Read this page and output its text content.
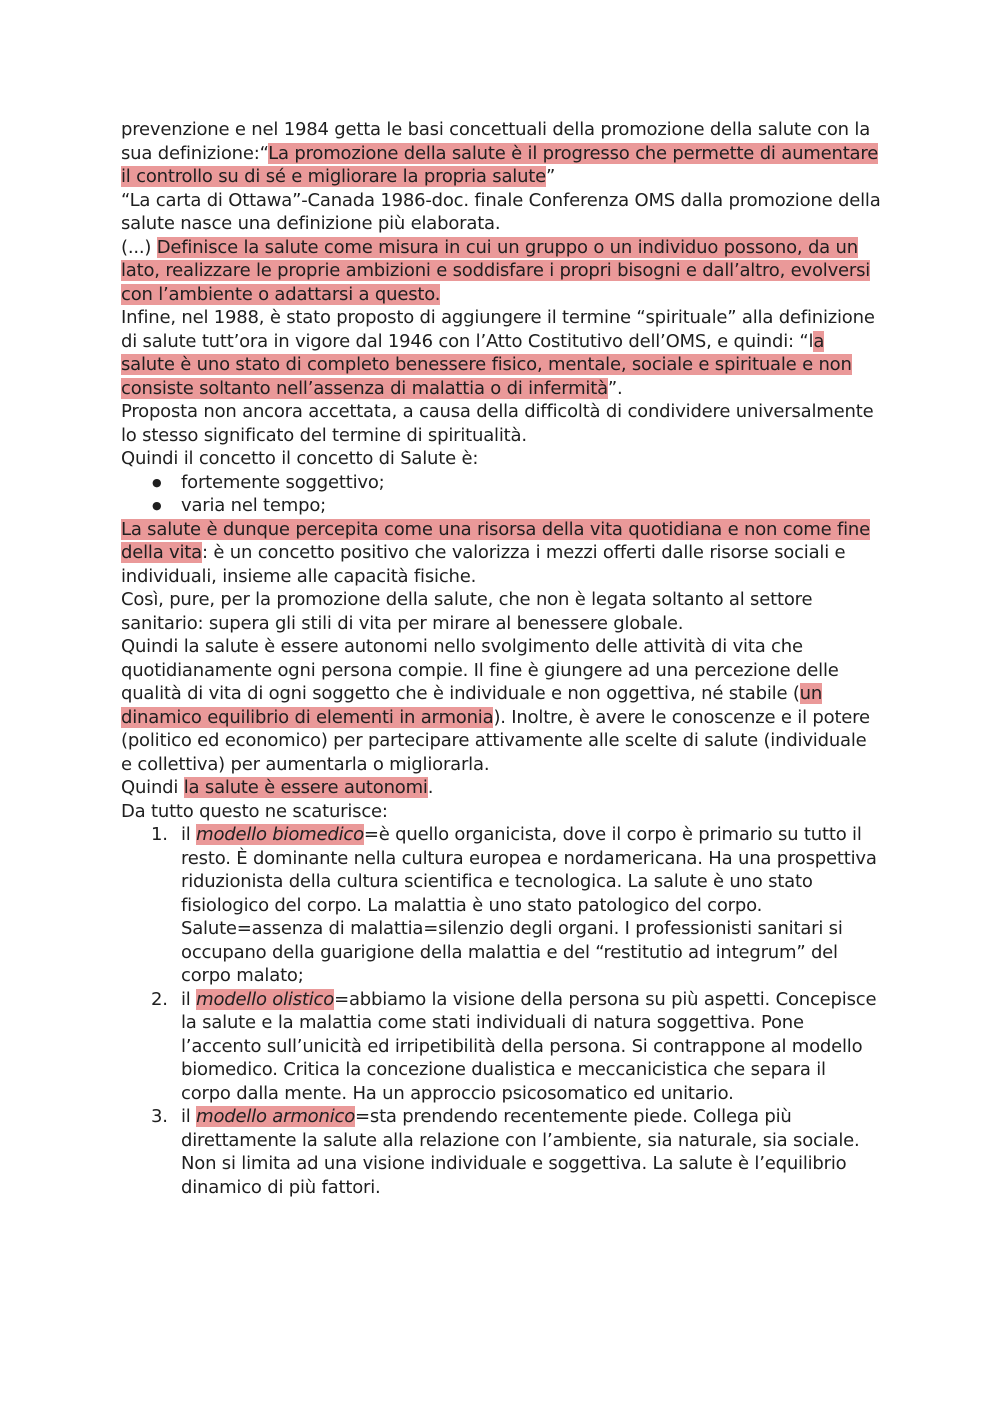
prevenzione e nel 1984 getta le basi concettuali della promozione della salute con la sua definizione:“La promozione della salute è il progresso che permette di aumentare il controllo su di sé e migliorare la propria salute”

“La carta di Ottawa”-Canada 1986-doc. finale Conferenza OMS dalla promozione della salute nasce una definizione più elaborata.

(...) Definisce la salute come misura in cui un gruppo o un individuo possono, da un lato, realizzare le proprie ambizioni e soddisfare i propri bisogni e dall’altro, evolversi con l’ambiente o adattarsi a questo.

Infine, nel 1988, è stato proposto di aggiungere il termine “spirituale” alla definizione di salute tutt’ora in vigore dal 1946 con l’Atto Costitutivo dell’OMS, e quindi: “la salute è uno stato di completo benessere fisico, mentale, sociale e spirituale e non consiste soltanto nell’assenza di malattia o di infermità”.

Proposta non ancora accettata, a causa della difficoltà di condividere universalmente lo stesso significato del termine di spiritualità.

Quindi il concetto il concetto di Salute è:

● fortemente soggettivo;
● varia nel tempo;

La salute è dunque percepita come una risorsa della vita quotidiana e non come fine della vita: è un concetto positivo che valorizza i mezzi offerti dalle risorse sociali e individuali, insieme alle capacità fisiche.

Così, pure, per la promozione della salute, che non è legata soltanto al settore sanitario: supera gli stili di vita per mirare al benessere globale.

Quindi la salute è essere autonomi nello svolgimento delle attività di vita che quotidianamente ogni persona compie. Il fine è giungere ad una percezione delle qualità di vita di ogni soggetto che è individuale e non oggettiva, né stabile (un dinamico equilibrio di elementi in armonia). Inoltre, è avere le conoscenze e il potere (politico ed economico) per partecipare attivamente alle scelte di salute (individuale e collettiva) per aumentarla o migliorarla.

Quindi la salute è essere autonomi.

Da tutto questo ne scaturisce:

1. il modello biomedico=è quello organicista, dove il corpo è primario su tutto il resto. È dominante nella cultura europea e nordamericana. Ha una prospettiva riduzionista della cultura scientifica e tecnologica. La salute è uno stato fisiologico del corpo. La malattia è uno stato patologico del corpo. Salute=assenza di malattia=silenzio degli organi. I professionisti sanitari si occupano della guarigione della malattia e del “restitutio ad integrum” del corpo malato;
2. il modello olistico=abbiamo la visione della persona su più aspetti. Concepisce la salute e la malattia come stati individuali di natura soggettiva. Pone l’accento sull’unicità ed irripetibilità della persona. Si contrappone al modello biomedico. Critica la concezione dualistica e meccanicistica che separa il corpo dalla mente. Ha un approccio psicosomatico ed unitario.
3. il modello armonico=sta prendendo recentemente piede. Collega più direttamente la salute alla relazione con l’ambiente, sia naturale, sia sociale. Non si limita ad una visione individuale e soggettiva. La salute è l’equilibrio dinamico di più fattori.
